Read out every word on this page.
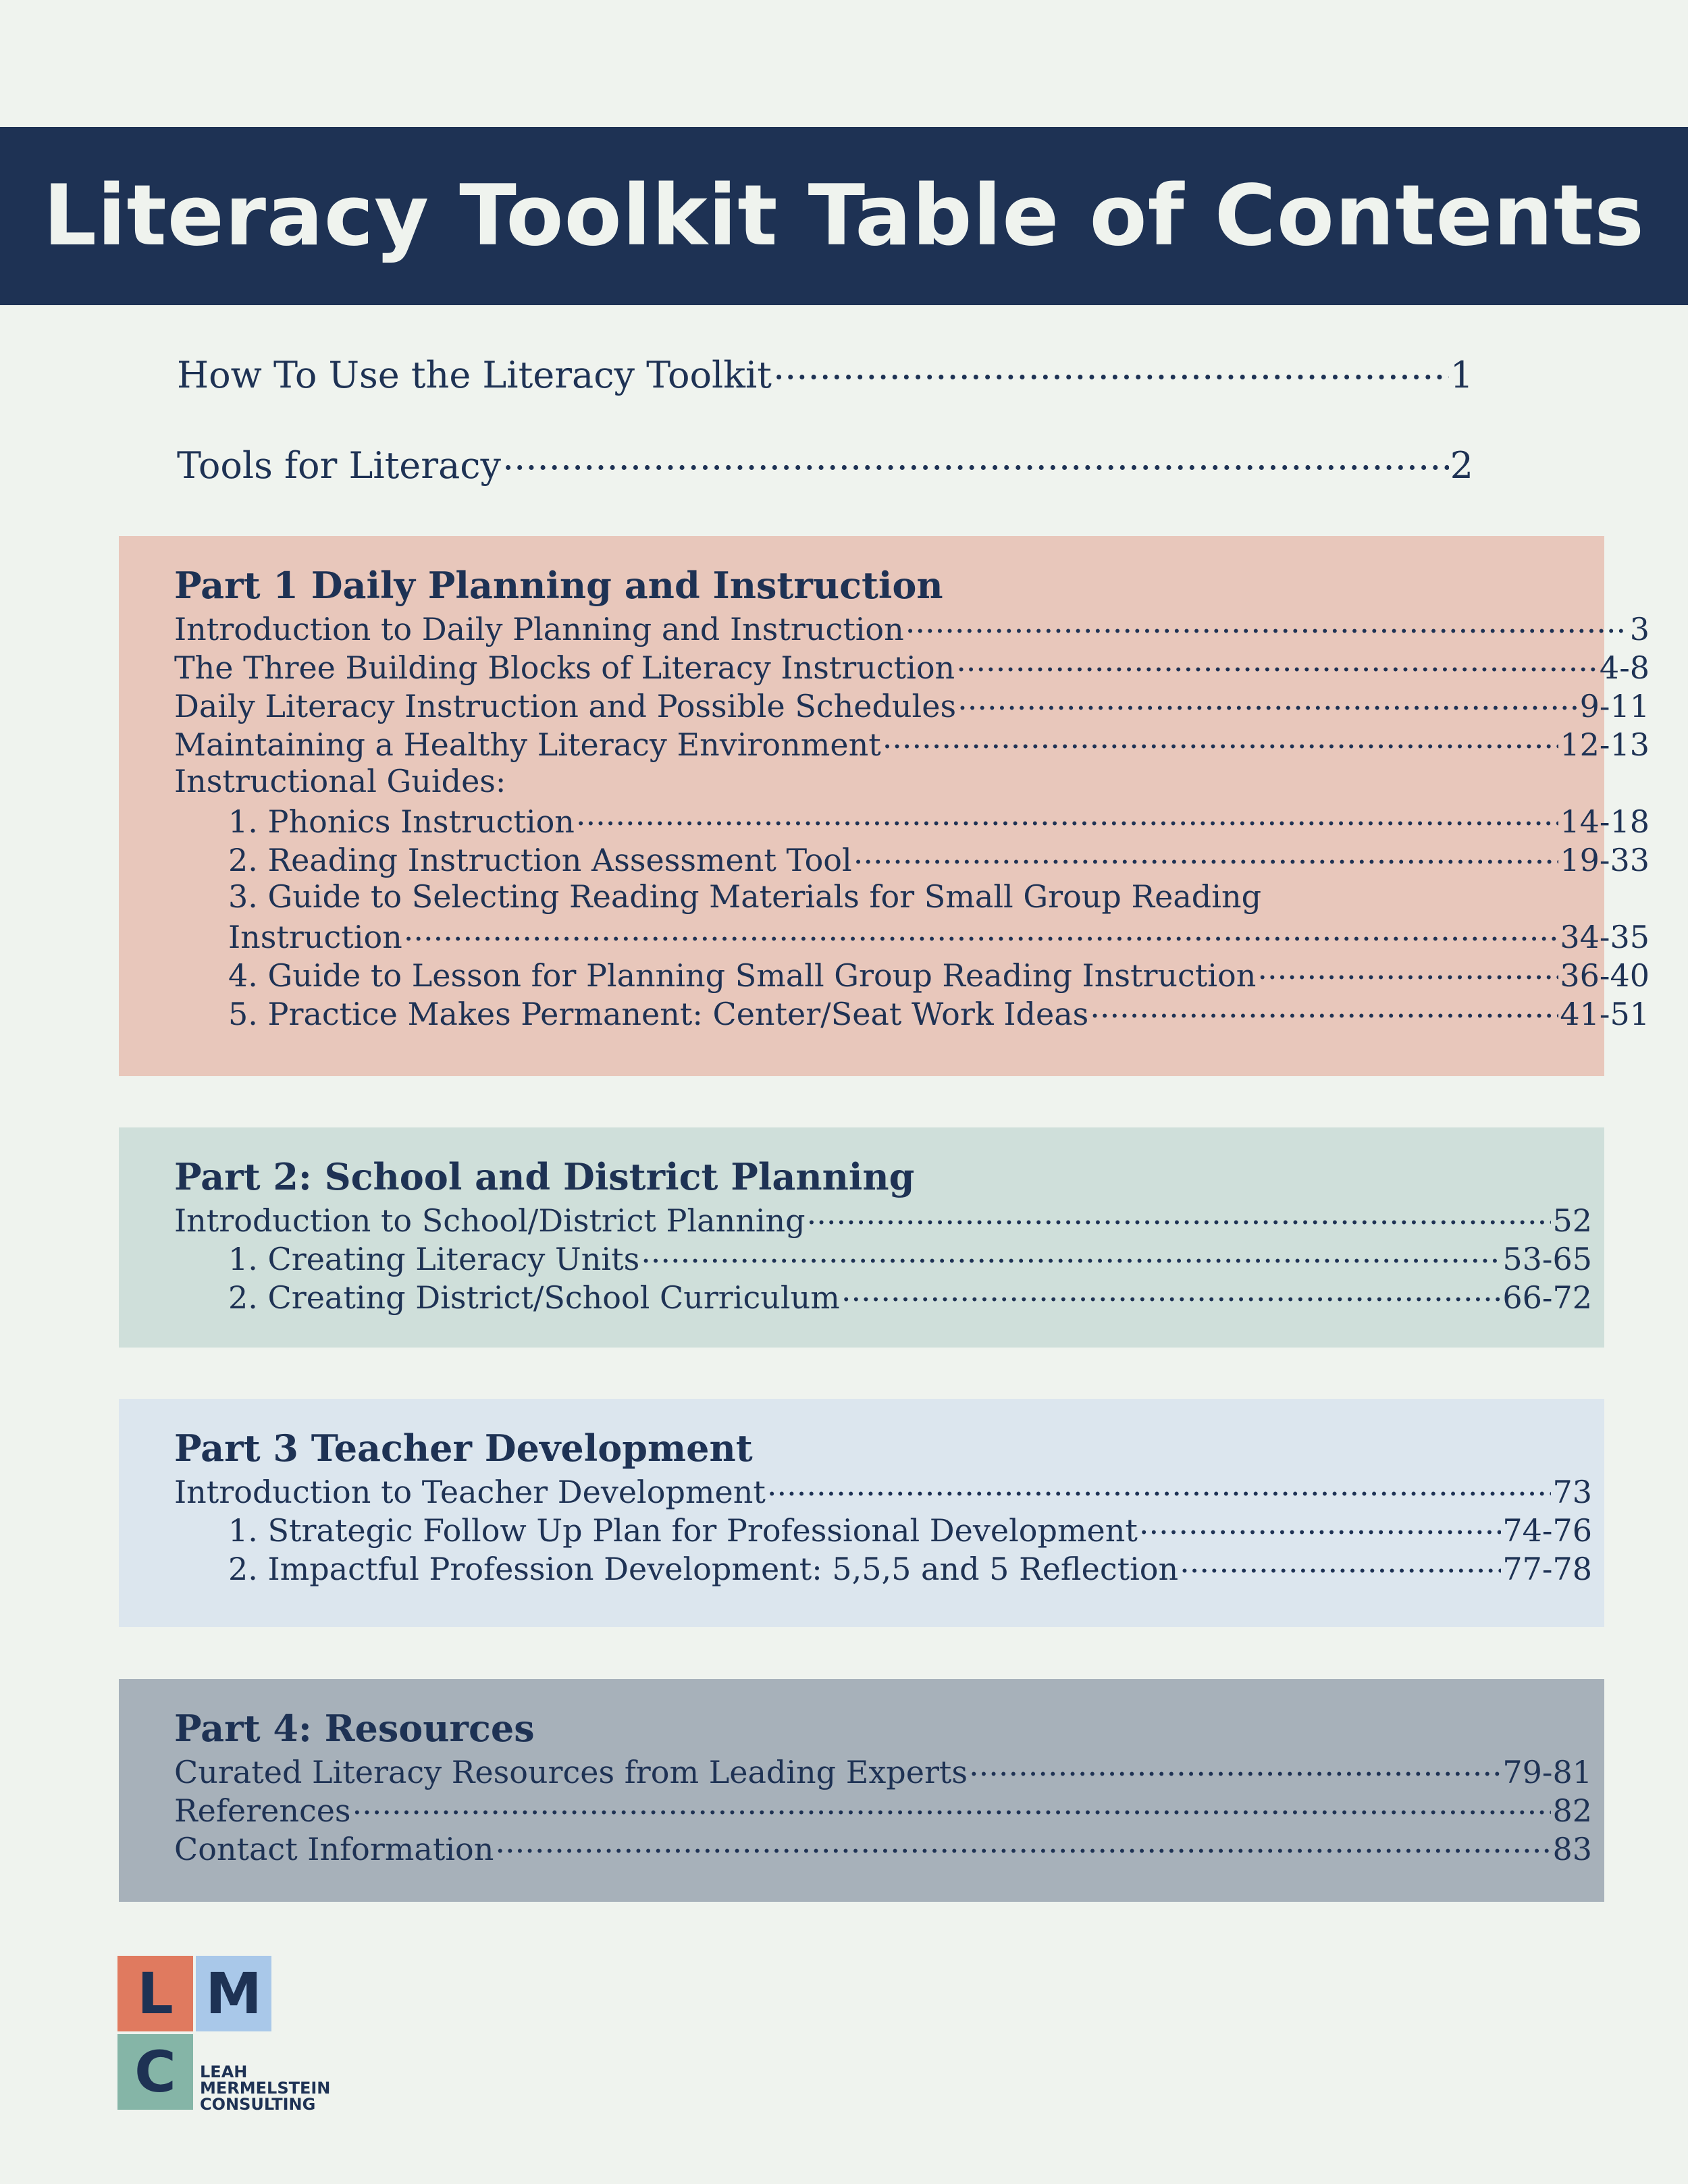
Literacy Toolkit Table of Contents
How To Use the Literacy Toolkit .....	1
Tools for Literacy .....	2
Part 1 Daily Planning and Instruction
Introduction to Daily Planning and Instruction .....	3
The Three Building Blocks of Literacy Instruction .....	4-8
Daily Literacy Instruction and Possible Schedules .....	9-11
Maintaining a Healthy Literacy Environment .....	12-13
Instructional Guides:
1. Phonics Instruction .....	14-18
2. Reading Instruction Assessment Tool .....	19-33
3. Guide to Selecting Reading Materials for Small Group Reading
Instruction .....	34-35
4. Guide to Lesson for Planning Small Group Reading Instruction .....	36-40
5. Practice Makes Permanent: Center/Seat Work Ideas .....	41-51
Part 2: School and District Planning
Introduction to School/District Planning .....	52
1. Creating Literacy Units .....	53-65
2. Creating District/School Curriculum .....	66-72
Part 3 Teacher Development
Introduction to Teacher Development .....	73
1. Strategic Follow Up Plan for Professional Development .....	74-76
2. Impactful Profession Development: 5,5,5 and 5 Reflection .....	77-78
Part 4: Resources
Curated Literacy Resources from Leading Experts .....	79-81
References .....	82
Contact Information .....	83
L M
C	LEAH
MERMELSTEIN
CONSULTING
